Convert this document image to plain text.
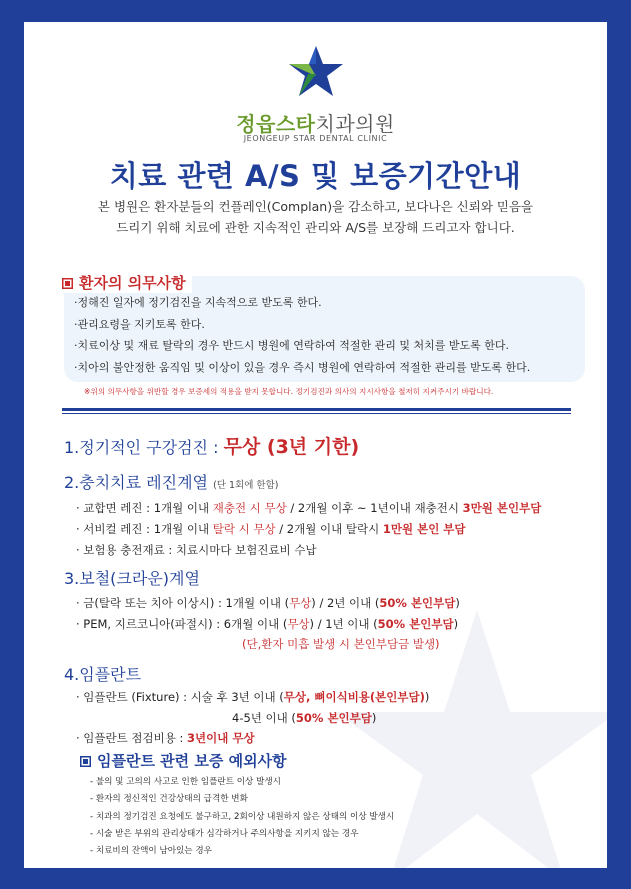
정읍스타치과의원
JEONGEUP STAR DENTAL CLINIC
치료 관련 A/S 및 보증기간안내
본 병원은 환자분들의 컨플레인(Complan)을 감소하고, 보다나은 신뢰와 믿음을
드리기 위해 치료에 관한 지속적인 관리와 A/S를 보장해 드리고자 합니다.
환자의 의무사항
·정해진 일자에 정기검진을 지속적으로 받도록 한다.
·관리요령을 지키토록 한다.
·치료이상 및 재료 탈락의 경우 반드시 병원에 연락하여 적절한 관리 및 처치를 받도록 한다.
·치아의 불안정한 움직임 및 이상이 있을 경우 즉시 병원에 연락하여 적절한 관리를 받도록 한다.
※위의 의무사항을 위반할 경우 보증세의 적용을 받지 못합니다. 정기검진과 의사의 지시사항을 철저히 지켜주시기 바랍니다.
1.정기적인 구강검진 : 무상 (3년 기한)
2.충치치료 레진계열 (단 1회에 한함)
· 교합면 레진 : 1개월 이내 재충전 시 무상 / 2개월 이후 ~ 1년이내 재충전시 3만원 본인부담
· 서비컬 레진 : 1개월 이내 탈락 시 무상 / 2개월 이내 탈락시 1만원 본인 부담
· 보험용 충전재료 : 치료시마다 보험진료비 수납
3.보철(크라운)계열
· 금(탈락 또는 치아 이상시) : 1개월 이내 (무상) / 2년 이내 (50% 본인부담)
· PEM, 지르코니아(파절시) : 6개월 이내 (무상) / 1년 이내 (50% 본인부담)
(단,환자 미흡 발생 시 본인부담금 발생)
4.임플란트
· 임플란트 (Fixture) : 시술 후 3년 이내 (무상, 뼈이식비용(본인부담))
4-5년 이내 (50% 본인부담)
· 임플란트 점검비용 : 3년이내 무상
임플란트 관련 보증 예외사항
- 불의 및 고의의 사고로 인한 임플란트 이상 발생시
- 환자의 정신적인 건강상태의 급격한 변화
- 치과의 정기검진 요청에도 불구하고, 2회이상 내원하지 않은 상태의 이상 발생시
- 시술 받은 부위의 관리상태가 심각하거나 주의사항을 지키지 않는 경우
- 치료비의 잔액이 남아있는 경우
